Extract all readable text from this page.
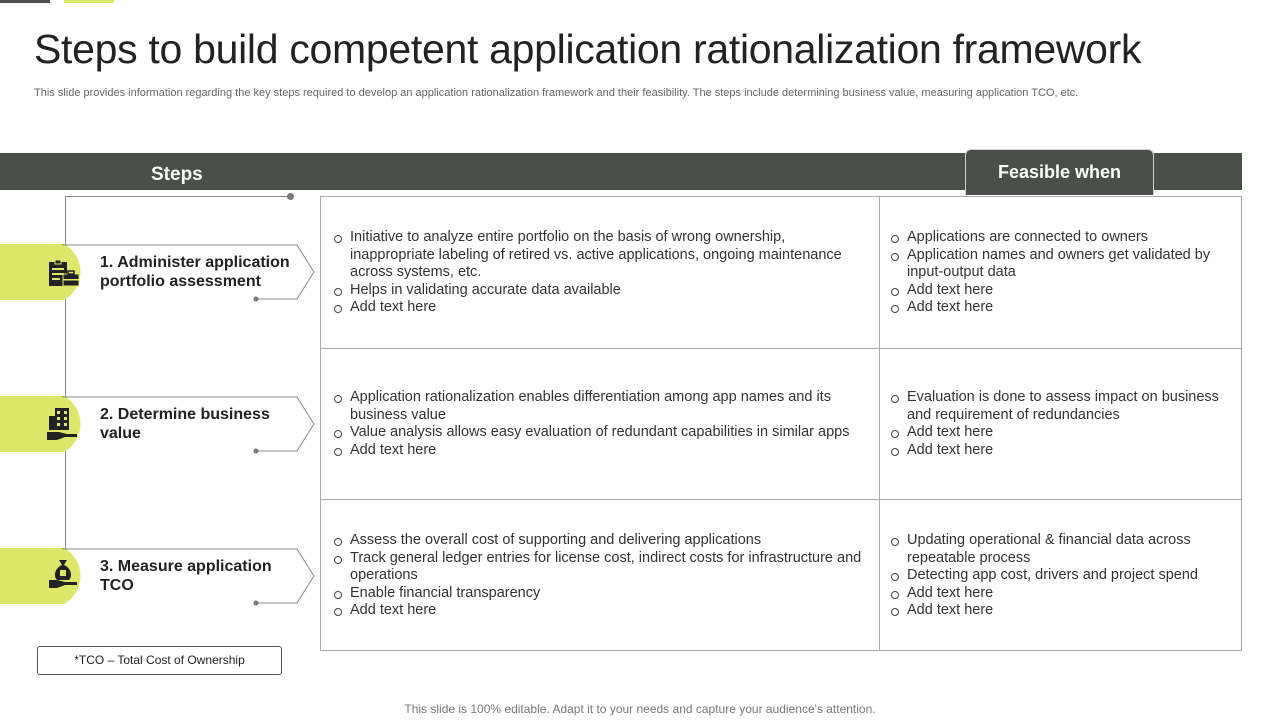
Steps to build competent application rationalization framework
This slide provides information regarding the key steps required to develop an application rationalization framework and their feasibility. The steps include determining business value, measuring application TCO, etc.
Steps	Feasible when
1. Administer application portfolio assessment
2. Determine business value
3. Measure application TCO
Initiative to analyze entire portfolio on the basis of wrong ownership, inappropriate labeling of retired vs. active applications, ongoing maintenance across systems, etc.
Helps in validating accurate data available
Add text here
Applications are connected to owners
Application names and owners get validated by input-output data
Add text here
Add text here
Application rationalization enables differentiation among app names and its business value
Value analysis allows easy evaluation of redundant capabilities in similar apps
Add text here
Evaluation is done to assess impact on business and requirement of redundancies
Add text here
Add text here
Assess the overall cost of supporting and delivering applications
Track general ledger entries for license cost, indirect costs for infrastructure and operations
Enable financial transparency
Add text here
Updating operational & financial data across repeatable process
Detecting app cost, drivers and project spend
Add text here
Add text here
*TCO – Total Cost of Ownership
This slide is 100% editable. Adapt it to your needs and capture your audience's attention.
